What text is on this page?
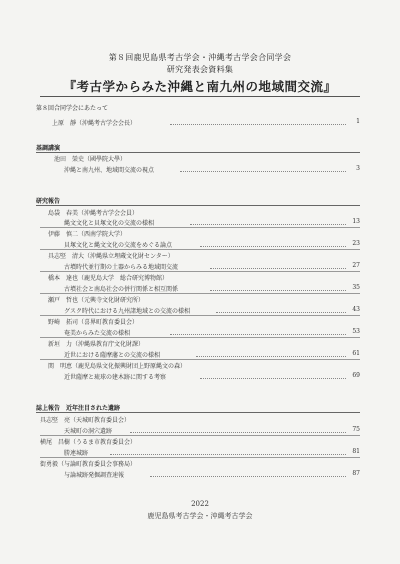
第８回鹿児島県考古学会・沖縄考古学会合同学会
研究発表会資料集
『考古学からみた沖縄と南九州の地域間交流』
第８回合同学会にあたって
上原　靜（沖縄考古学会会長）	1
基調講演
池田　榮史（國學院大學）
沖縄と南九州、地域間交流の視点	3
研究報告
島袋　春美（沖縄考古学会会員）
縄文文化と貝塚文化の交流の様相	13
伊藤　慎二（西南学院大学）
貝塚文化と縄文文化の交流をめぐる論点	23
具志堅　清大（沖縄県立埋蔵文化財センター）
古墳時代並行期の土器からみる地域間交流	27
橋本　達也（鹿児島大学　総合研究博物館）
古墳社会と南島社会の併行関係と相互関係	35
瀬戸　哲也（元興寺文化財研究所）
グスク時代における九州諸地域との交流の様相	43
野崎　拓司（喜界町教育委員会）
奄美からみた交流の様相	53
新垣　力（沖縄県教育庁文化財課）
近世における薩摩藩との交流の様相	61
関　明恵（鹿児島県文化振興財団上野原縄文の森）
近世薩摩と琉球の建木跡に関する考察	69
誌上報告　近年注目された遺跡
具志堅　亮（天城町教育委員会）
天城町の洞穴遺跡	75
横尾　昌樹（うるま市教育委員会）
勝連城跡	81
街勇毅（与論町教育委員会事務局）
与論城跡発掘調査速報	87
2022
鹿児島県考古学会・沖縄考古学会
